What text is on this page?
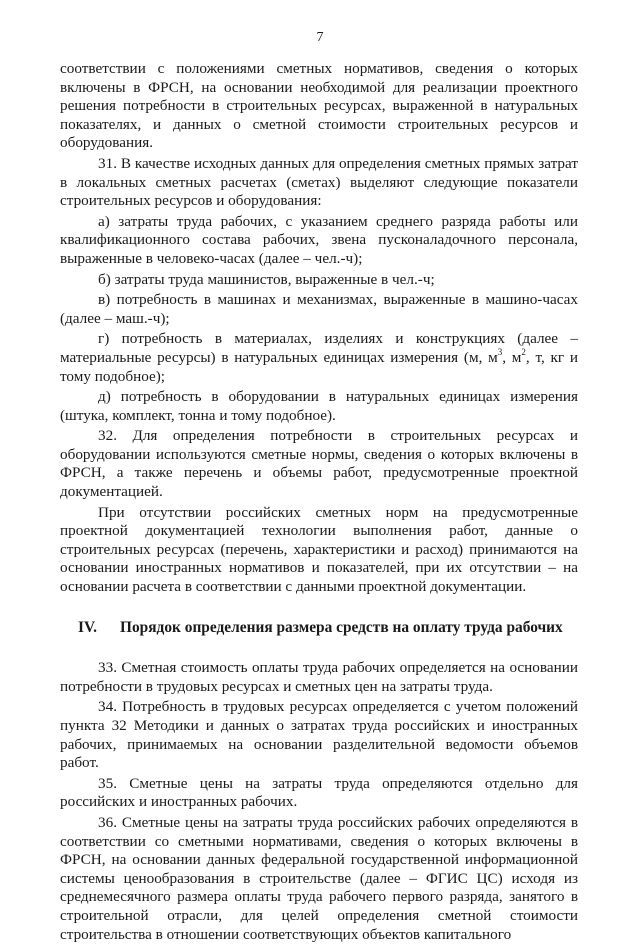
7

соответствии с положениями сметных нормативов, сведения о которых включены в ФРСН, на основании необходимой для реализации проектного решения потребности в строительных ресурсах, выраженной в натуральных показателях, и данных о сметной стоимости строительных ресурсов и оборудования.

31. В качестве исходных данных для определения сметных прямых затрат в локальных сметных расчетах (сметах) выделяют следующие показатели строительных ресурсов и оборудования:

а) затраты труда рабочих, с указанием среднего разряда работы или квалификационного состава рабочих, звена пусконаладочного персонала, выраженные в человеко-часах (далее – чел.-ч);

б) затраты труда машинистов, выраженные в чел.-ч;

в) потребность в машинах и механизмах, выраженные в машино-часах (далее – маш.-ч);

г) потребность в материалах, изделиях и конструкциях (далее – материальные ресурсы) в натуральных единицах измерения (м, $м^3$, $м^2$, т, кг и тому подобное);

д) потребность в оборудовании в натуральных единицах измерения (штука, комплект, тонна и тому подобное).

32. Для определения потребности в строительных ресурсах и оборудовании используются сметные нормы, сведения о которых включены в ФРСН, а также перечень и объемы работ, предусмотренные проектной документацией.

При отсутствии российских сметных норм на предусмотренные проектной документацией технологии выполнения работ, данные о строительных ресурсах (перечень, характеристики и расход) принимаются на основании иностранных нормативов и показателей, при их отсутствии – на основании расчета в соответствии с данными проектной документации.

IV.	Порядок определения размера средств на оплату труда рабочих

33. Сметная стоимость оплаты труда рабочих определяется на основании потребности в трудовых ресурсах и сметных цен на затраты труда.

34. Потребность в трудовых ресурсах определяется с учетом положений пункта 32 Методики и данных о затратах труда российских и иностранных рабочих, принимаемых на основании разделительной ведомости объемов работ.

35. Сметные цены на затраты труда определяются отдельно для российских и иностранных рабочих.

36. Сметные цены на затраты труда российских рабочих определяются в соответствии со сметными нормативами, сведения о которых включены в ФРСН, на основании данных федеральной государственной информационной системы ценообразования в строительстве (далее – ФГИС ЦС) исходя из среднемесячного размера оплаты труда рабочего первого разряда, занятого в строительной отрасли, для целей определения сметной стоимости строительства в отношении соответствующих объектов капитального
